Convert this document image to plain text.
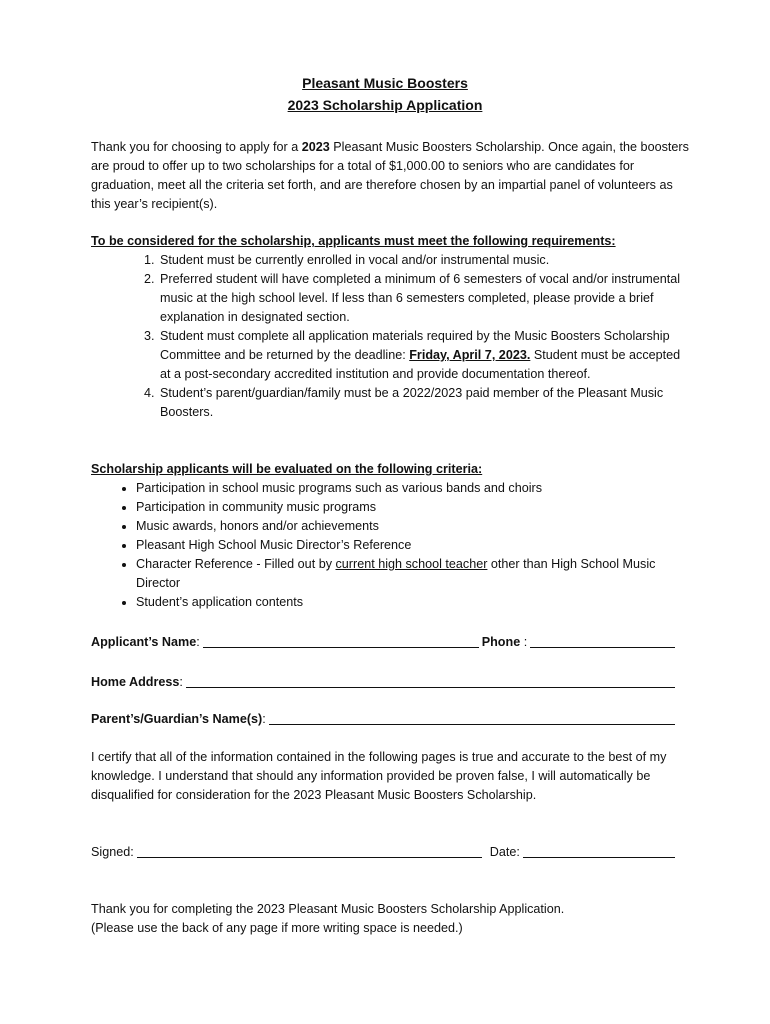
Pleasant Music Boosters
2023 Scholarship Application
Thank you for choosing to apply for a 2023 Pleasant Music Boosters Scholarship. Once again, the boosters are proud to offer up to two scholarships for a total of $1,000.00 to seniors who are candidates for graduation, meet all the criteria set forth, and are therefore chosen by an impartial panel of volunteers as this year’s recipient(s).
To be considered for the scholarship, applicants must meet the following requirements:
1. Student must be currently enrolled in vocal and/or instrumental music.
2. Preferred student will have completed a minimum of 6 semesters of vocal and/or instrumental music at the high school level. If less than 6 semesters completed, please provide a brief explanation in designated section.
3. Student must complete all application materials required by the Music Boosters Scholarship Committee and be returned by the deadline: Friday, April 7, 2023. Student must be accepted at a post-secondary accredited institution and provide documentation thereof.
4. Student’s parent/guardian/family must be a 2022/2023 paid member of the Pleasant Music Boosters.
Scholarship applicants will be evaluated on the following criteria:
• Participation in school music programs such as various bands and choirs
• Participation in community music programs
• Music awards, honors and/or achievements
• Pleasant High School Music Director’s Reference
• Character Reference - Filled out by current high school teacher other than High School Music Director
• Student’s application contents
Applicant’s Name:	Phone :
Home Address:
Parent’s/Guardian’s Name(s):
I certify that all of the information contained in the following pages is true and accurate to the best of my knowledge. I understand that should any information provided be proven false, I will automatically be disqualified for consideration for the 2023 Pleasant Music Boosters Scholarship.
Signed:	Date:
Thank you for completing the 2023 Pleasant Music Boosters Scholarship Application.
(Please use the back of any page if more writing space is needed.)
